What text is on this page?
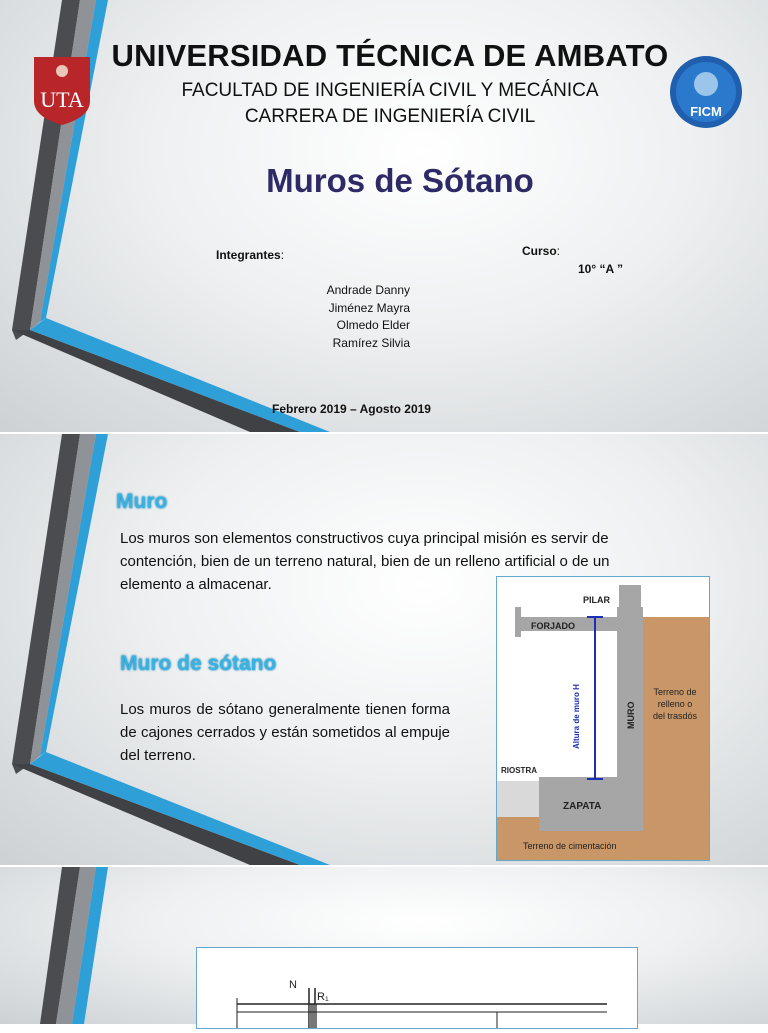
UTA	FICM
UNIVERSIDAD TÉCNICA DE AMBATO
FACULTAD DE INGENIERÍA CIVIL Y MECÁNICA
CARRERA DE INGENIERÍA CIVIL
Muros de Sótano
Integrantes:
Andrade Danny
Jiménez Mayra
Olmedo Elder
Ramírez Silvia
Curso:
10° “A ”
Febrero 2019 – Agosto 2019
Muro
Los muros son elementos constructivos cuya principal misión es servir de contención, bien de un terreno natural, bien de un relleno artificial o de un elemento a almacenar.
Muro de sótano
Los muros de sótano generalmente tienen forma de cajones cerrados y están sometidos al empuje del terreno.
Altura de muro H
PILAR
FORJADO
MURO
Terreno de
relleno o
del trasdós
RIOSTRA
ZAPATA
Terreno de cimentación
N
R₁
